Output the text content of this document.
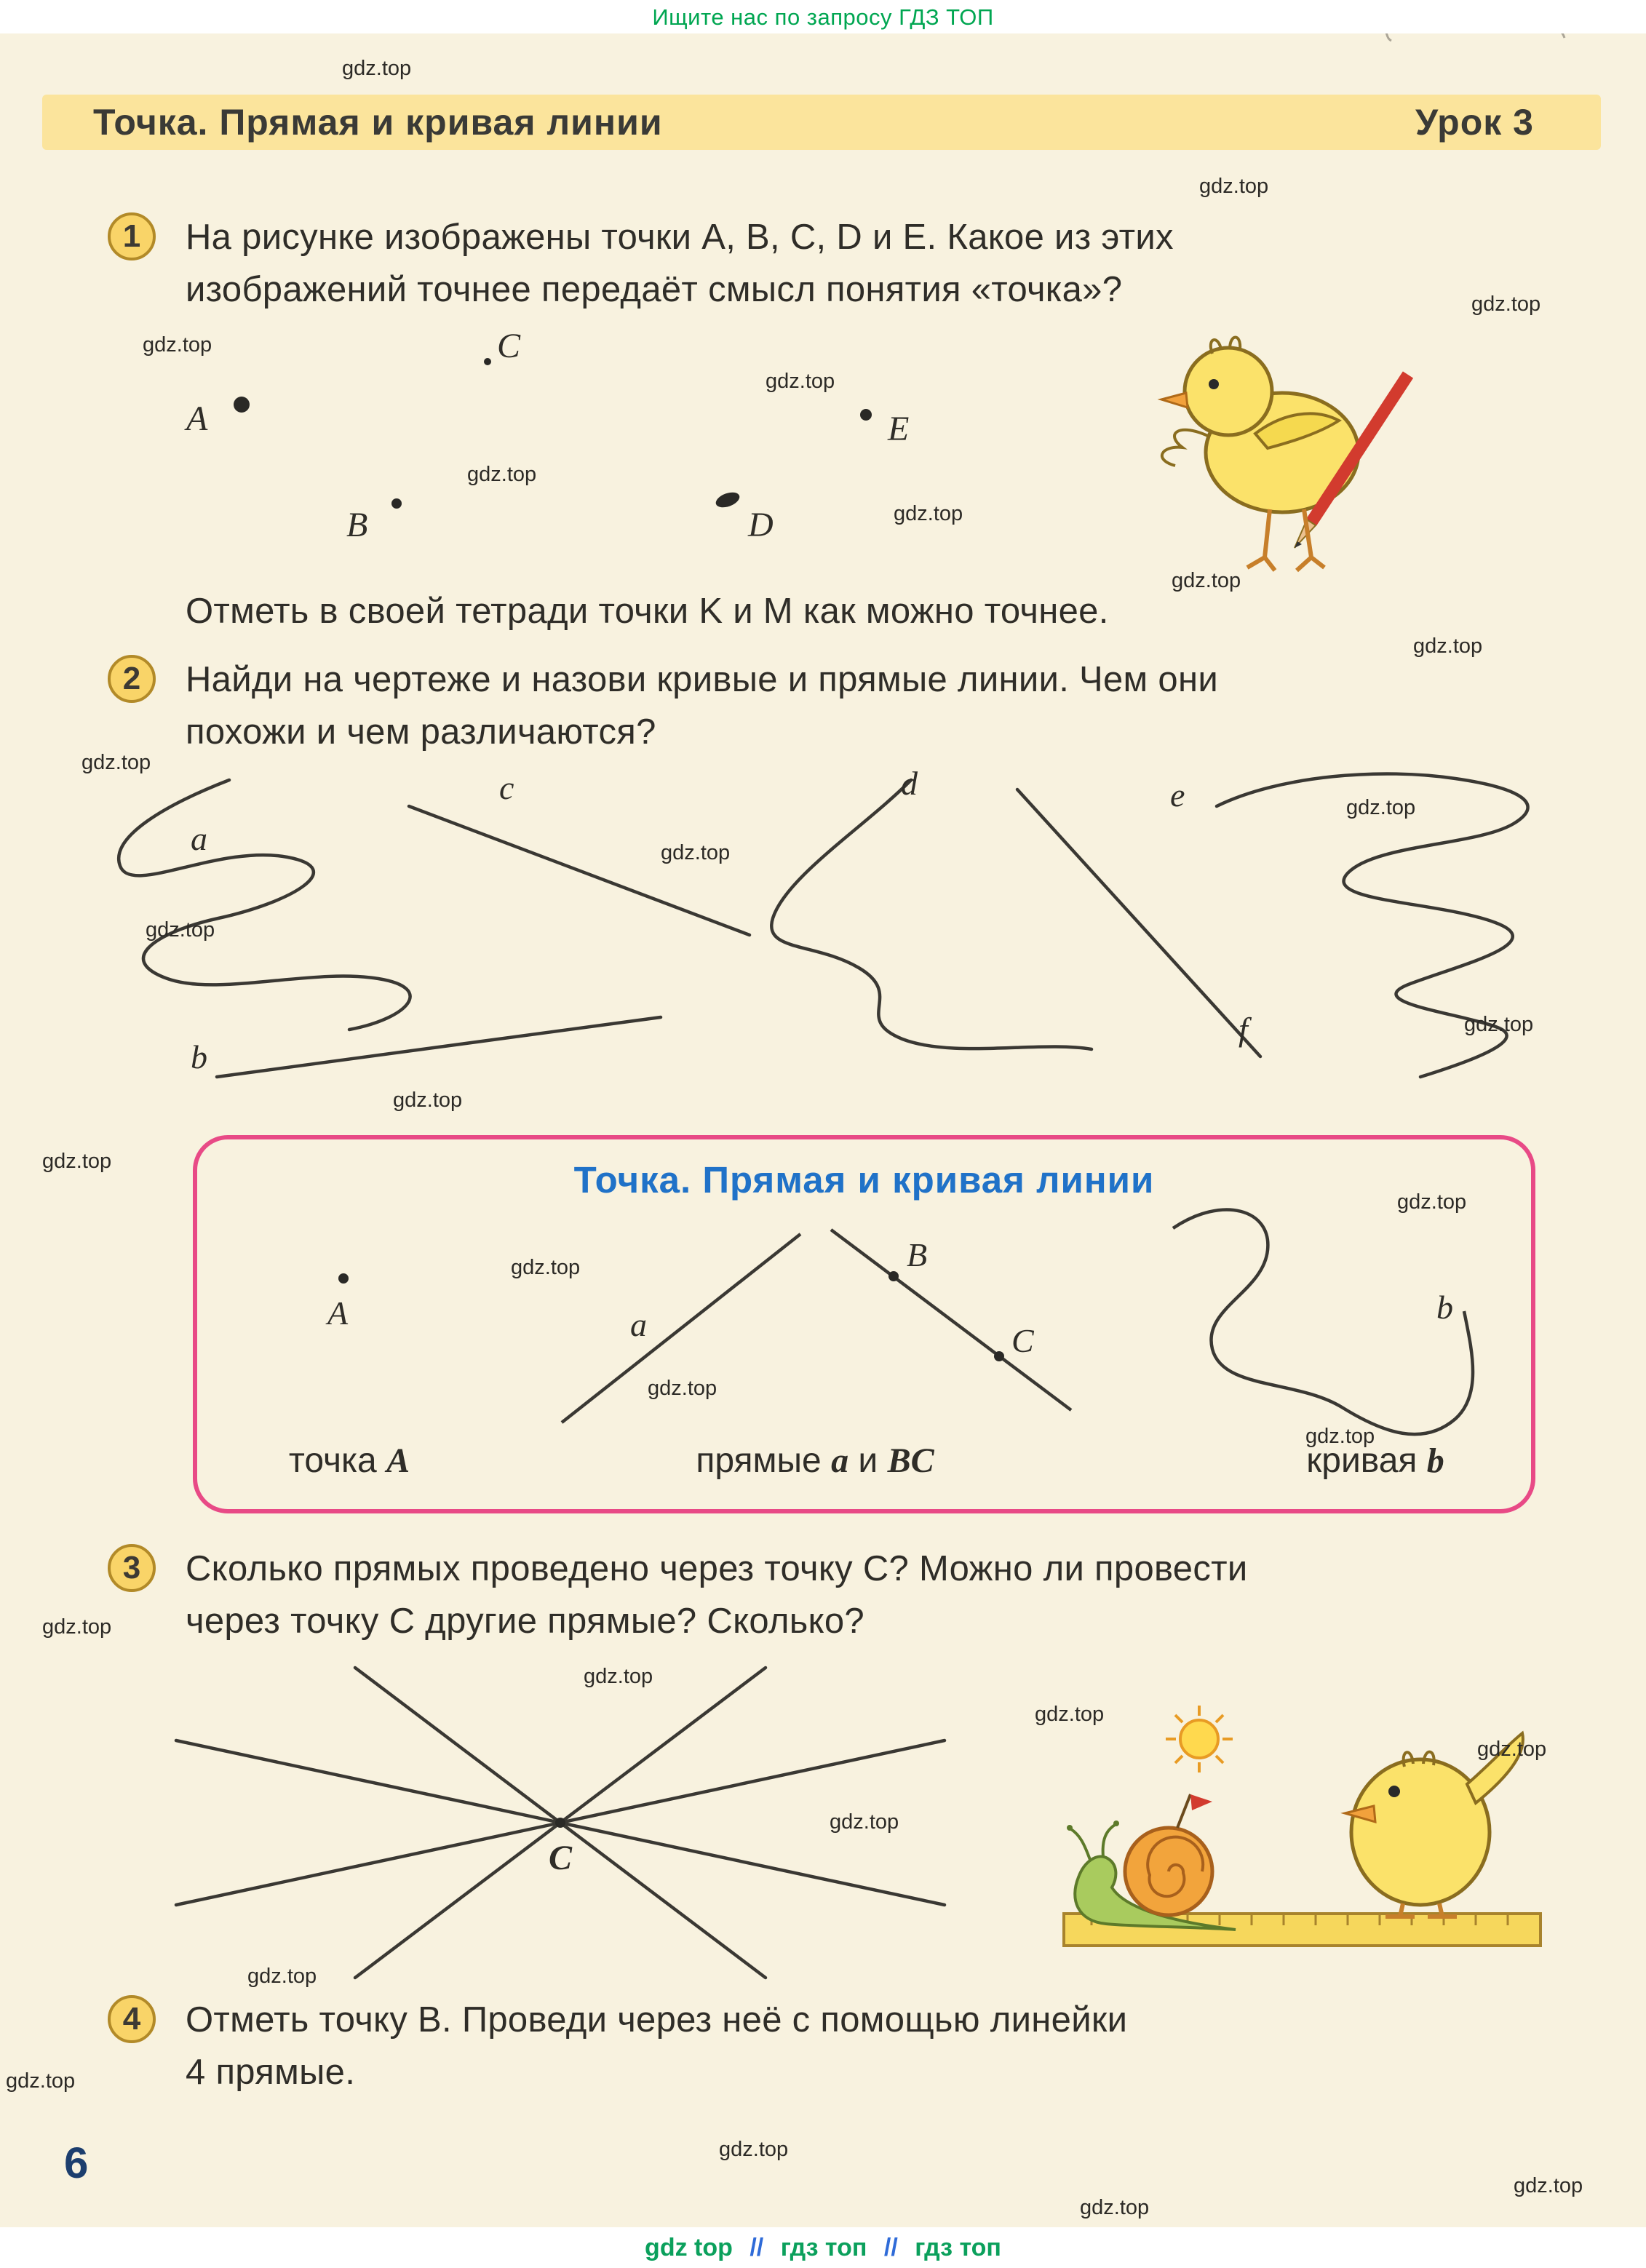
Ищите нас по запросу ГДЗ ТОП
Точка. Прямая и кривая линии	Урок 3
1	На рисунке изображены точки A, B, C, D и E. Какое из этих
изображений точнее передаёт смысл понятия «точка»?
C
A	E
B	D
Отметь в своей тетради точки K и M как можно точнее.
2	Найди на чертеже и назови кривые и прямые линии. Чем они
похожи и чем различаются?
a
c	d	e
f
b
Точка. Прямая и кривая линии
A	a
B
C
b
точка A	прямые a и BC	кривая b
3	Сколько прямых проведено через точку C? Можно ли провести
через точку C другие прямые? Сколько?
C
4	Отметь точку B. Проведи через неё с помощью линейки
4 прямые.
6
gdz.top
gdz.top
gdz.top
gdz.top
gdz.top
gdz.top
gdz.top
gdz.top
gdz.top
gdz.top
gdz.top
gdz.top
gdz.top
gdz.top
gdz.top
gdz.top
gdz.top
gdz.top
gdz.top
gdz.top
gdz.top
gdz.top
gdz.top
gdz.top
gdz.top
gdz.top
gdz.top
gdz.top
gdz.top
gdz.top
gdz top // гдз топ // гдз топ
